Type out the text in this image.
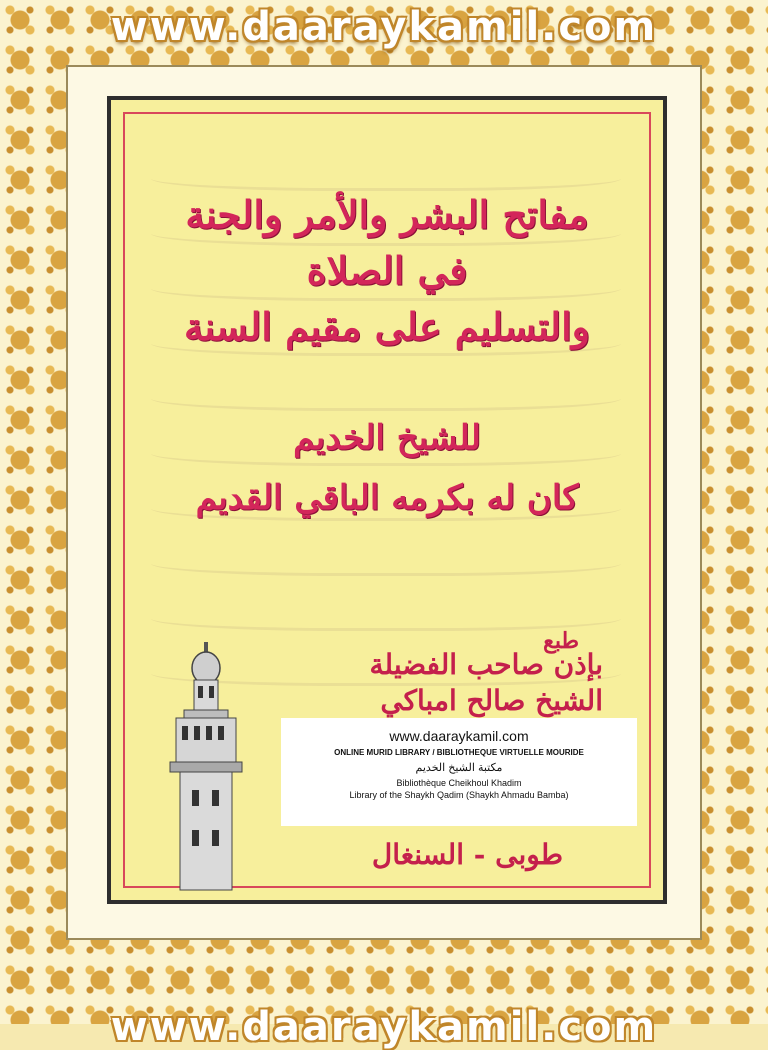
www.daaraykamil.com
www.daaraykamil.com
مفاتح البشر والأمر والجنة
في الصلاة
والتسليم على مقيم السنة
للشيخ الخديم
كان له بكرمه الباقي القديم
طبع
بإذن صاحب الفضيلة
الشيخ صالح امباكي
طوبى - السنغال
www.daaraykamil.com
ONLINE MURID LIBRARY / BIBLIOTHEQUE VIRTUELLE MOURIDE
مكتبة الشيخ الخديم
Bibliothèque Cheikhoul Khadim
Library of the Shaykh Qadim (Shaykh Ahmadu Bamba)
